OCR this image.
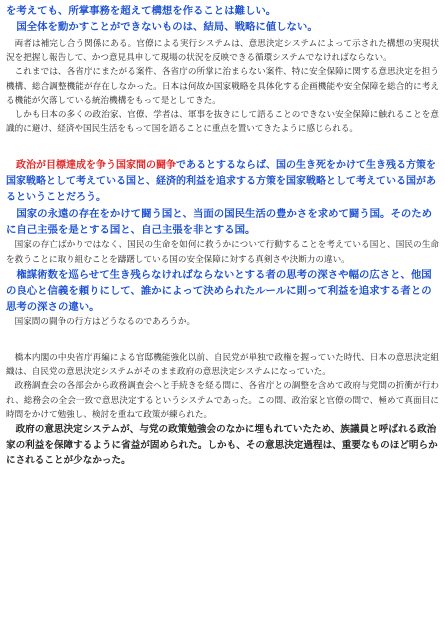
を考えても、所掌事務を超えて構想を作ることは難しい。

国全体を動かすことができないものは、結局、戦略に値しない。

両者は補完し合う関係にある。官僚による実行システムは、意思決定システムによって示された構想の実現状況を把握し報告して、かつ意見具申して現場の状況を反映できる循環システムでなければならない。

これまでは、各省庁にまたがる案件、各省庁の所掌に治まらない案件、特に安全保障に関する意思決定を担う機構、総合調整機能が存在しなかった。日本は何故か国家戦略を具体化する企画機能や安全保障を総合的に考える機能が欠落している統治機構をもって是としてきた。

しかも日本の多くの政治家、官僚、学者は、軍事を抜きにして語ることのできない安全保障に触れることを意識的に避け、経済や国民生活をもって国を語ることに重点を置いてきたように感じられる。

政治が目標達成を争う国家間の闘争であるとするならば、国の生き死をかけて生き残る方策を国家戦略として考えている国と、経済的利益を追求する方策を国家戦略として考えている国があるということだろう。

国家の永遠の存在をかけて闘う国と、当面の国民生活の豊かさを求めて闘う国。そのために自己主張を是とする国と、自己主張を非とする国。

国家の存亡ばかりではなく、国民の生命を如何に救うかについて行動することを考えている国と、国民の生命を救うことに取り組むことを躊躇している国の安全保障に対する真剣さや決断力の違い。

権謀術数を巡らせて生き残らなければならないとする者の思考の深さや幅の広さと、他国の良心と信義を頼りにして、誰かによって決められたルールに則って利益を追求する者との思考の深さの違い。

国家間の闘争の行方はどうなるのであろうか。

橋本内閣の中央省庁再編による官邸機能強化以前、自民党が単独で政権を握っていた時代、日本の意思決定組織は、自民党の意思決定システムがそのまま政府の意思決定システムになっていた。

政務調査会の各部会から政務調査会へと手続きを経る間に、各省庁との調整を含めて政府与党間の折衝が行われ、総務会の全会一致で意思決定するというシステムであった。この間、政治家と官僚の間で、極めて真面目に時間をかけて勉強し、検討を重ねて政策が練られた。

政府の意思決定システムが、与党の政策勉強会のなかに埋もれていたため、族議員と呼ばれる政治家の利益を保障するように省益が固められた。しかも、その意思決定過程は、重要なものほど明らかにされることが少なかった。
